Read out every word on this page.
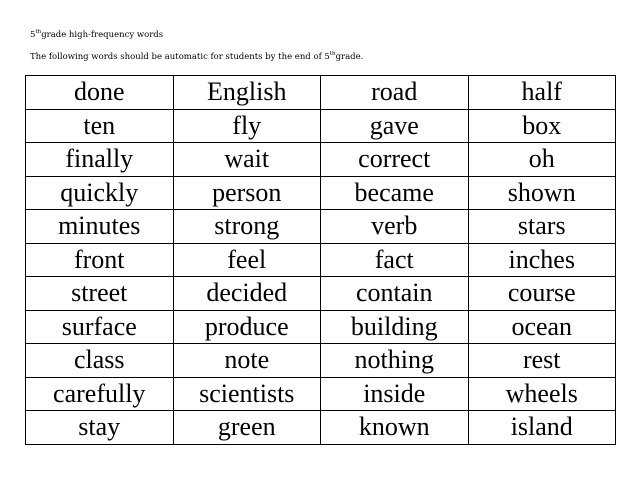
5thgrade high-frequency words

The following words should be automatic for students by the end of 5thgrade.

done	English	road	half
ten	fly	gave	box
finally	wait	correct	oh
quickly	person	became	shown
minutes	strong	verb	stars
front	feel	fact	inches
street	decided	contain	course
surface	produce	building	ocean
class	note	nothing	rest
carefully	scientists	inside	wheels
stay	green	known	island
